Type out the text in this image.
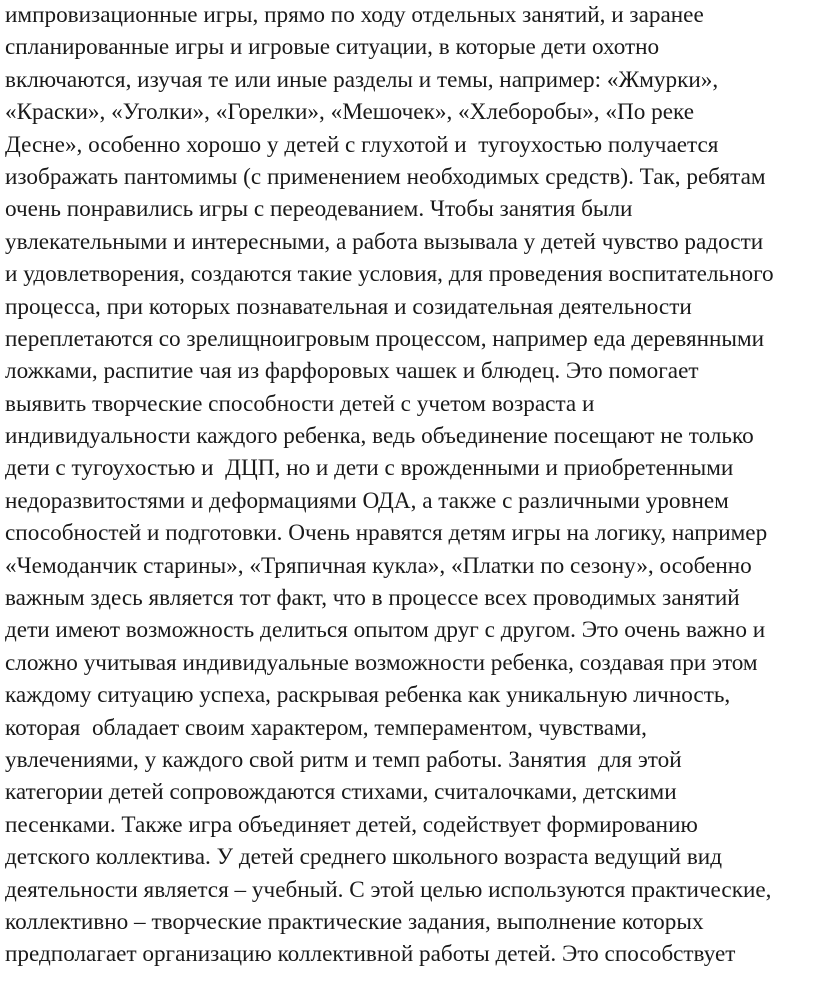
импровизационные игры, прямо по ходу отдельных занятий, и заранее
спланированные игры и игровые ситуации, в которые дети охотно
включаются, изучая те или иные разделы и темы, например: «Жмурки»,
«Краски», «Уголки», «Горелки», «Мешочек», «Хлеборобы», «По реке
Десне», особенно хорошо у детей с глухотой и  тугоухостью получается
изображать пантомимы (с применением необходимых средств). Так, ребятам
очень понравились игры с переодеванием. Чтобы занятия были
увлекательными и интересными, а работа вызывала у детей чувство радости
и удовлетворения, создаются такие условия, для проведения воспитательного
процесса, при которых познавательная и созидательная деятельности
переплетаются со зрелищноигровым процессом, например еда деревянными
ложками, распитие чая из фарфоровых чашек и блюдец. Это помогает
выявить творческие способности детей с учетом возраста и
индивидуальности каждого ребенка, ведь объединение посещают не только
дети с тугоухостью и  ДЦП, но и дети с врожденными и приобретенными
недоразвитостями и деформациями ОДА, а также с различными уровнем
способностей и подготовки. Очень нравятся детям игры на логику, например
«Чемоданчик старины», «Тряпичная кукла», «Платки по сезону», особенно
важным здесь является тот факт, что в процессе всех проводимых занятий
дети имеют возможность делиться опытом друг с другом. Это очень важно и
сложно учитывая индивидуальные возможности ребенка, создавая при этом
каждому ситуацию успеха, раскрывая ребенка как уникальную личность,
которая  обладает своим характером, темпераментом, чувствами,
увлечениями, у каждого свой ритм и темп работы. Занятия  для этой
категории детей сопровождаются стихами, считалочками, детскими
песенками. Также игра объединяет детей, содействует формированию
детского коллектива. У детей среднего школьного возраста ведущий вид
деятельности является – учебный. С этой целью используются практические,
коллективно – творческие практические задания, выполнение которых
предполагает организацию коллективной работы детей. Это способствует
